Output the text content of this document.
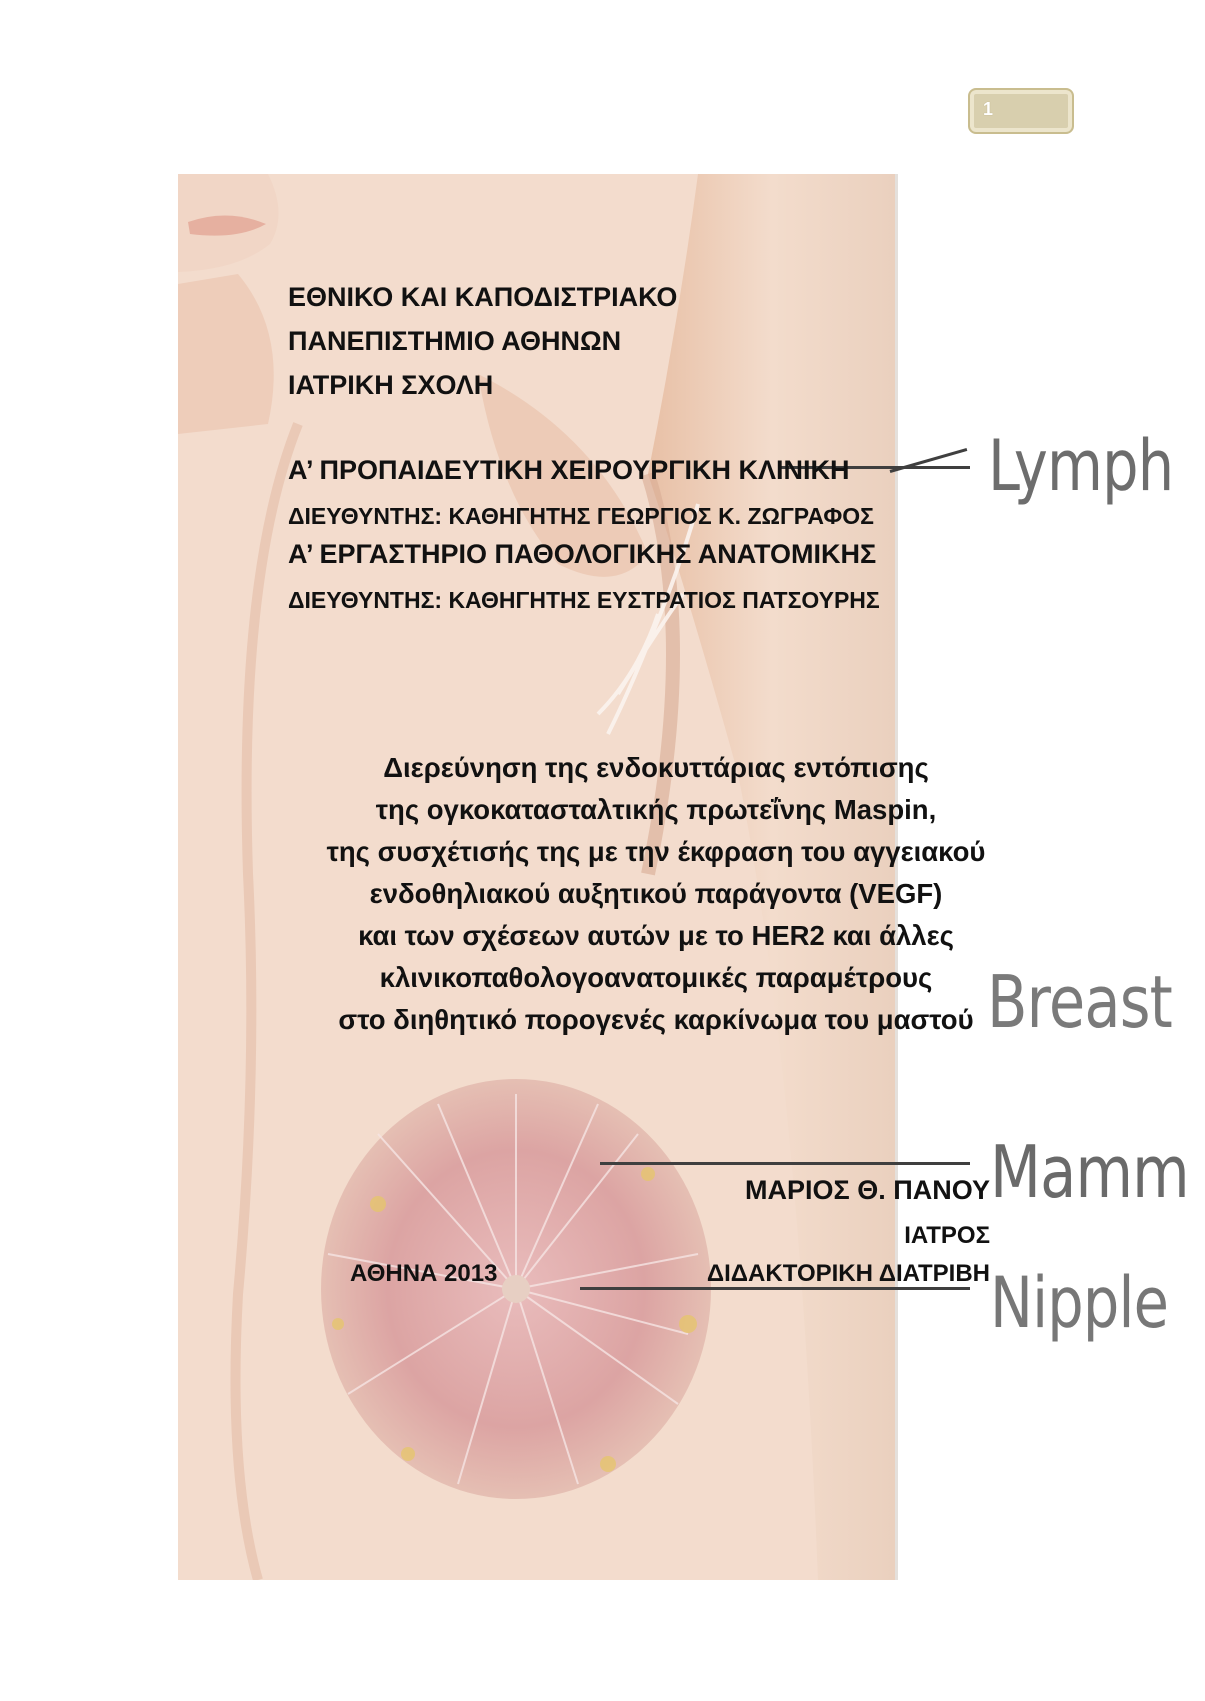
1
Lymph
Breast
Mamm
Nipple
ΕΘΝΙΚΟ ΚΑΙ ΚΑΠΟΔΙΣΤΡΙΑΚΟ
ΠΑΝΕΠΙΣΤΗΜΙΟ ΑΘΗΝΩΝ
ΙΑΤΡΙΚΗ ΣΧΟΛΗ
Α’ ΠΡΟΠΑΙΔΕΥΤΙΚΗ ΧΕΙΡΟΥΡΓΙΚΗ ΚΛΙΝΙΚΗ
ΔΙΕΥΘΥΝΤΗΣ: ΚΑΘΗΓΗΤΗΣ ΓΕΩΡΓΙΟΣ Κ. ΖΩΓΡΑΦΟΣ
Α’ ΕΡΓΑΣΤΗΡΙΟ ΠΑΘΟΛΟΓΙΚΗΣ ΑΝΑΤΟΜΙΚΗΣ
ΔΙΕΥΘΥΝΤΗΣ: ΚΑΘΗΓΗΤΗΣ ΕΥΣΤΡΑΤΙΟΣ ΠΑΤΣΟΥΡΗΣ
Διερεύνηση της ενδοκυττάριας εντόπισης
της ογκοκατασταλτικής πρωτεΐνης Maspin,
της συσχέτισής της με την έκφραση του αγγειακού
ενδοθηλιακού αυξητικού παράγοντα (VEGF)
και των σχέσεων αυτών με το HER2 και άλλες
κλινικοπαθολογοανατομικές παραμέτρους
στο διηθητικό πορογενές καρκίνωμα του μαστού
ΜΑΡΙΟΣ Θ. ΠΑΝΟΥ
ΙΑΤΡΟΣ
ΔΙΔΑΚΤΟΡΙΚΗ ΔΙΑΤΡΙΒΗ
ΑΘΗΝΑ 2013
